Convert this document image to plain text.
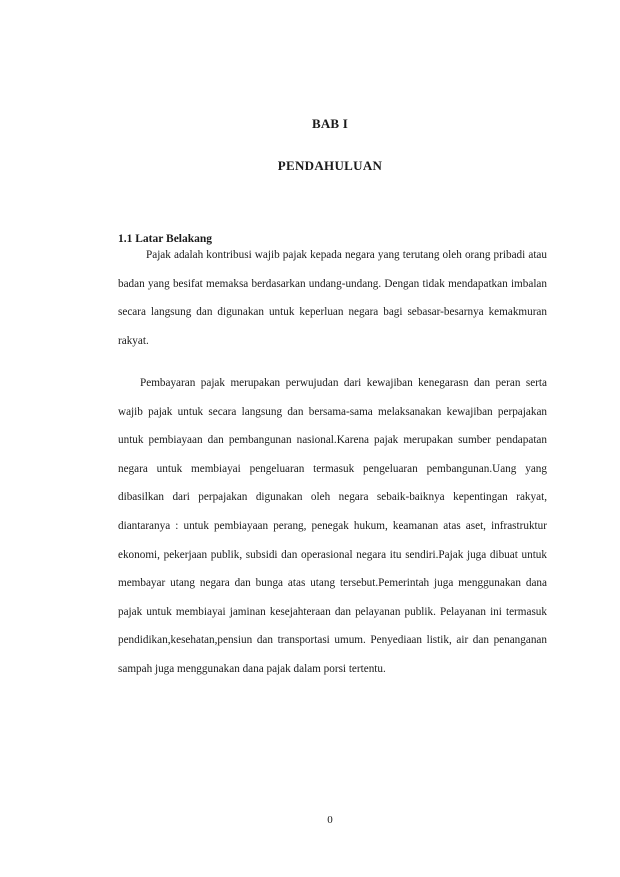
BAB I
PENDAHULUAN
1.1 Latar Belakang

Pajak adalah kontribusi wajib pajak kepada negara yang terutang oleh orang pribadi atau badan yang besifat memaksa berdasarkan undang-undang. Dengan tidak mendapatkan imbalan secara langsung dan digunakan untuk keperluan negara bagi sebasar-besarnya kemakmuran rakyat.

Pembayaran pajak merupakan perwujudan dari kewajiban kenegarasn dan peran serta wajib pajak untuk secara langsung dan bersama-sama melaksanakan kewajiban perpajakan untuk pembiayaan dan pembangunan nasional.Karena pajak merupakan sumber pendapatan negara untuk membiayai pengeluaran termasuk pengeluaran pembangunan.Uang yang dibasilkan dari perpajakan digunakan oleh negara sebaik-baiknya kepentingan rakyat, diantaranya : untuk pembiayaan perang, penegak hukum, keamanan atas aset, infrastruktur ekonomi, pekerjaan publik, subsidi dan operasional negara itu sendiri.Pajak juga dibuat untuk membayar utang negara dan bunga atas utang tersebut.Pemerintah juga menggunakan dana pajak untuk membiayai jaminan kesejahteraan dan pelayanan publik. Pelayanan ini termasuk pendidikan,kesehatan,pensiun dan transportasi umum. Penyediaan listik, air dan penanganan sampah juga menggunakan dana pajak dalam porsi tertentu.

0
